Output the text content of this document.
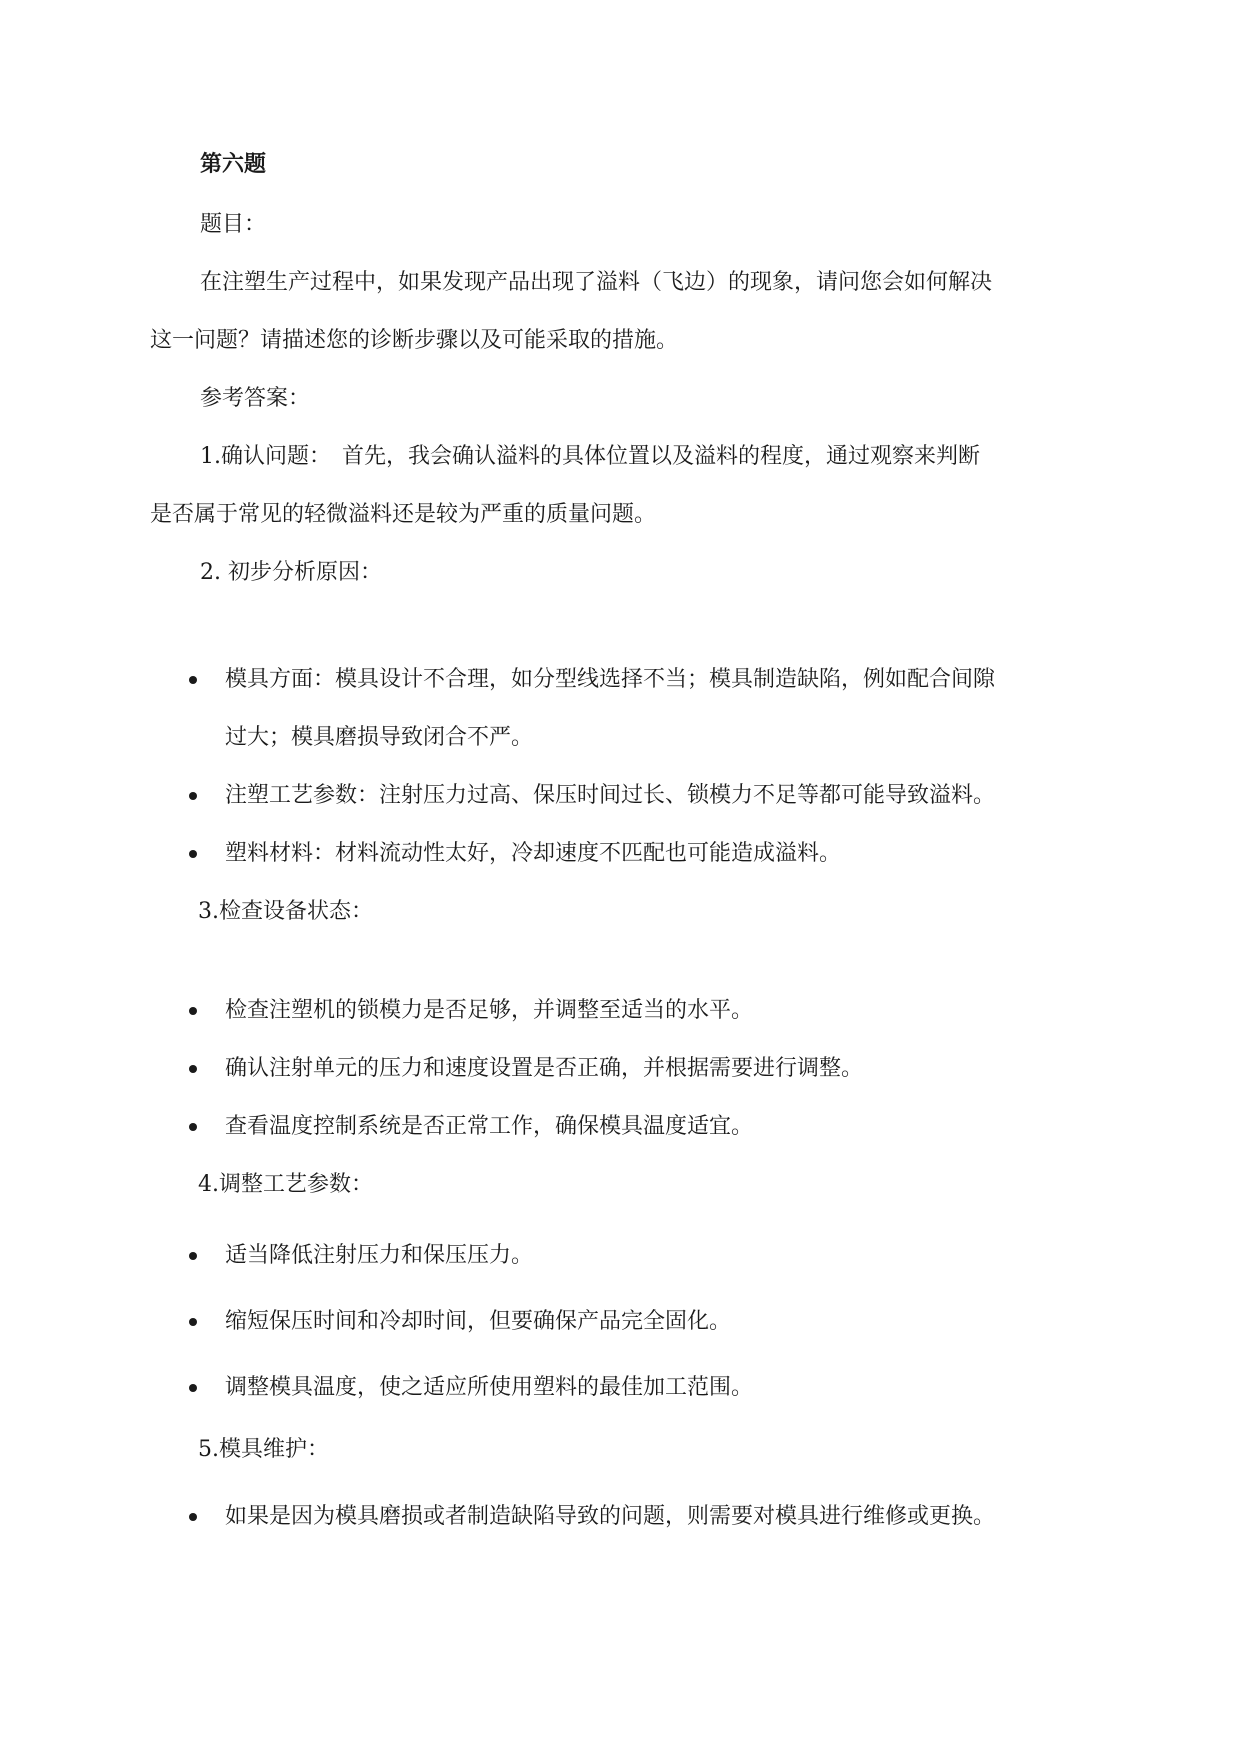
第六题
题目：
在注塑生产过程中，如果发现产品出现了溢料（飞边）的现象，请问您会如何解决
这一问题？请描述您的诊断步骤以及可能采取的措施。
参考答案：
1.确认问题：　首先，我会确认溢料的具体位置以及溢料的程度，通过观察来判断
是否属于常见的轻微溢料还是较为严重的质量问题。
2. 初步分析原因：
模具方面：模具设计不合理，如分型线选择不当；模具制造缺陷，例如配合间隙
过大；模具磨损导致闭合不严。
注塑工艺参数：注射压力过高、保压时间过长、锁模力不足等都可能导致溢料。
塑料材料：材料流动性太好，冷却速度不匹配也可能造成溢料。
3.检查设备状态：
检查注塑机的锁模力是否足够，并调整至适当的水平。
确认注射单元的压力和速度设置是否正确，并根据需要进行调整。
查看温度控制系统是否正常工作，确保模具温度适宜。
4.调整工艺参数：
适当降低注射压力和保压压力。
缩短保压时间和冷却时间，但要确保产品完全固化。
调整模具温度，使之适应所使用塑料的最佳加工范围。
5.模具维护：
如果是因为模具磨损或者制造缺陷导致的问题，则需要对模具进行维修或更换。
